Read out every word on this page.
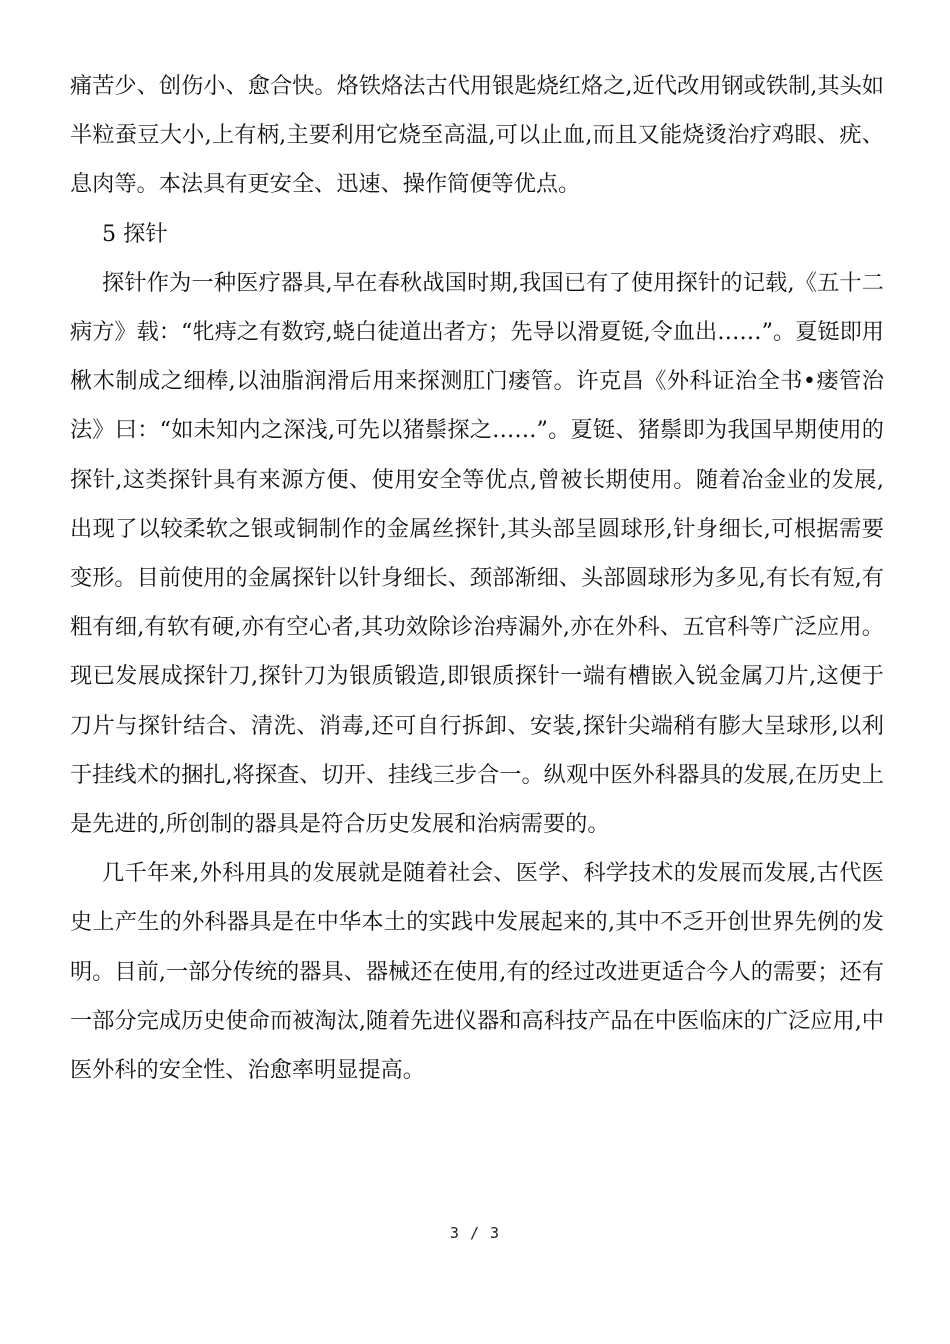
痛苦少、创伤小、愈合快。烙铁烙法古代用银匙烧红烙之,近代改用钢或铁制,其头如半粒蚕豆大小,上有柄,主要利用它烧至高温,可以止血,而且又能烧烫治疗鸡眼、疣、息肉等。本法具有更安全、迅速、操作简便等优点。

5 探针

探针作为一种医疗器具,早在春秋战国时期,我国已有了使用探针的记载,《五十二病方》载：“牝痔之有数窍,蛲白徒道出者方；先导以滑夏铤,令血出……”。夏铤即用楸木制成之细棒,以油脂润滑后用来探测肛门瘘管。许克昌《外科证治全书•瘘管治法》曰：“如未知内之深浅,可先以猪鬃探之……”。夏铤、猪鬃即为我国早期使用的探针,这类探针具有来源方便、使用安全等优点,曾被长期使用。随着冶金业的发展,出现了以较柔软之银或铜制作的金属丝探针,其头部呈圆球形,针身细长,可根据需要变形。目前使用的金属探针以针身细长、颈部渐细、头部圆球形为多见,有长有短,有粗有细,有软有硬,亦有空心者,其功效除诊治痔漏外,亦在外科、五官科等广泛应用。现已发展成探针刀,探针刀为银质锻造,即银质探针一端有槽嵌入锐金属刀片,这便于刀片与探针结合、清洗、消毒,还可自行拆卸、安装,探针尖端稍有膨大呈球形,以利于挂线术的捆扎,将探查、切开、挂线三步合一。纵观中医外科器具的发展,在历史上是先进的,所创制的器具是符合历史发展和治病需要的。

几千年来,外科用具的发展就是随着社会、医学、科学技术的发展而发展,古代医史上产生的外科器具是在中华本土的实践中发展起来的,其中不乏开创世界先例的发明。目前,一部分传统的器具、器械还在使用,有的经过改进更适合今人的需要；还有一部分完成历史使命而被淘汰,随着先进仪器和高科技产品在中医临床的广泛应用,中医外科的安全性、治愈率明显提高。

3 / 3
